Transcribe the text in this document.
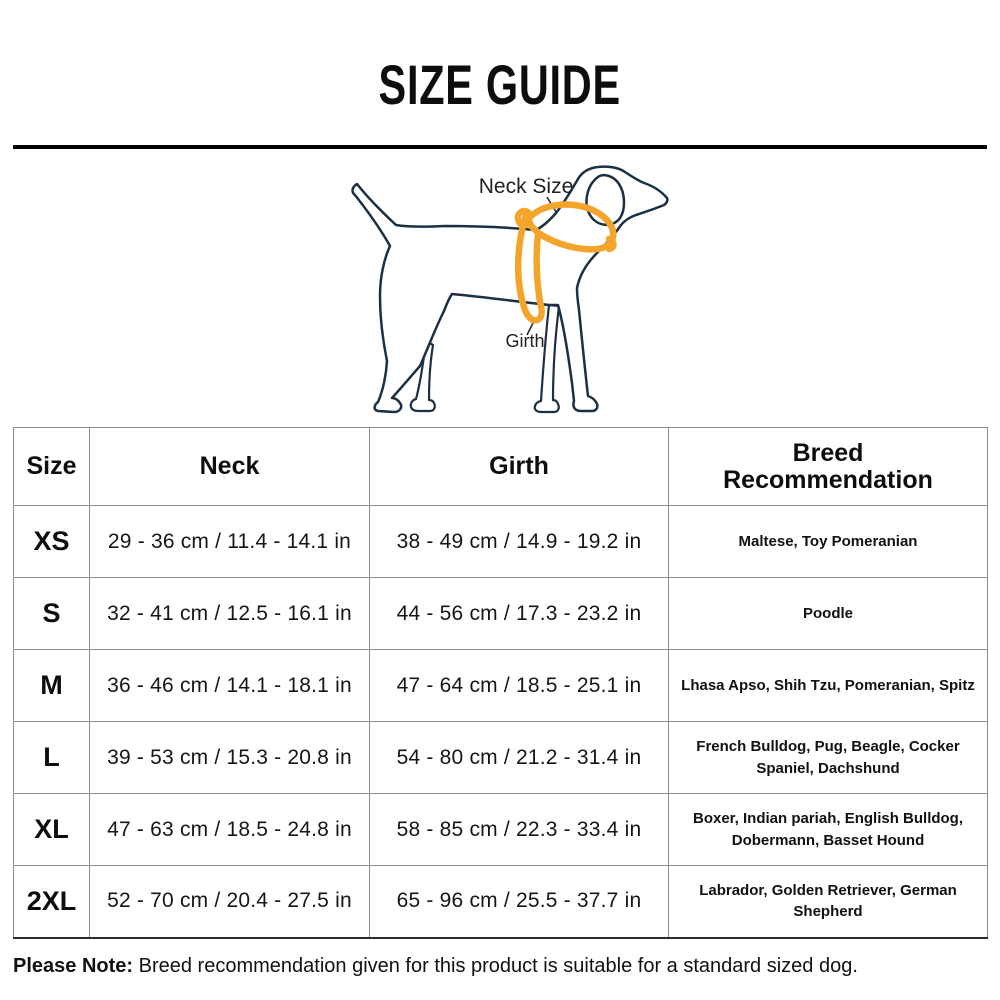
SIZE GUIDE
Neck Size
Girth
Size	Neck	Girth	Breed Recommendation

XS	29 - 36 cm / 11.4 - 14.1 in	38 - 49 cm / 14.9 - 19.2 in	Maltese, Toy Pomeranian
S	32 - 41 cm / 12.5 - 16.1 in	44 - 56 cm / 17.3 - 23.2 in	Poodle
M	36 - 46 cm / 14.1 - 18.1 in	47 - 64 cm / 18.5 - 25.1 in	Lhasa Apso, Shih Tzu, Pomeranian, Spitz
L	39 - 53 cm / 15.3 - 20.8 in	54 - 80 cm / 21.2 - 31.4 in	French Bulldog, Pug, Beagle, Cocker Spaniel, Dachshund
XL	47 - 63 cm / 18.5 - 24.8 in	58 - 85 cm / 22.3 - 33.4 in	Boxer, Indian pariah, English Bulldog, Dobermann, Basset Hound
2XL	52 - 70 cm / 20.4 - 27.5 in	65 - 96 cm / 25.5 - 37.7 in	Labrador, Golden Retriever, German Shepherd
Please Note: Breed recommendation given for this product is suitable for a standard sized dog.
